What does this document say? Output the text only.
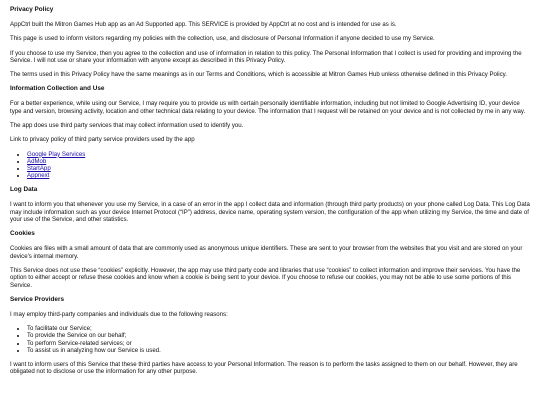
Privacy Policy

AppCtrl built the Mitron Games Hub app as an Ad Supported app. This SERVICE is provided by AppCtrl at no cost and is intended for use as is.

This page is used to inform visitors regarding my policies with the collection, use, and disclosure of Personal Information if anyone decided to use my Service.

If you choose to use my Service, then you agree to the collection and use of information in relation to this policy. The Personal Information that I collect is used for providing and improving the Service. I will not use or share your information with anyone except as described in this Privacy Policy.

The terms used in this Privacy Policy have the same meanings as in our Terms and Conditions, which is accessible at Mitron Games Hub unless otherwise defined in this Privacy Policy.

Information Collection and Use

For a better experience, while using our Service, I may require you to provide us with certain personally identifiable information, including but not limited to Google Advertising ID, your device type and version, browsing activity, location and other technical data relating to your device. The information that I request will be retained on your device and is not collected by me in any way.

The app does use third party services that may collect information used to identify you.

Link to privacy policy of third party service providers used by the app

• Google Play Services
• AdMob
• StartApp
• Appnext
Log Data

I want to inform you that whenever you use my Service, in a case of an error in the app I collect data and information (through third party products) on your phone called Log Data. This Log Data may include information such as your device Internet Protocol (“IP”) address, device name, operating system version, the configuration of the app when utilizing my Service, the time and date of your use of the Service, and other statistics.

Cookies

Cookies are files with a small amount of data that are commonly used as anonymous unique identifiers. These are sent to your browser from the websites that you visit and are stored on your device's internal memory.

This Service does not use these “cookies” explicitly. However, the app may use third party code and libraries that use “cookies” to collect information and improve their services. You have the option to either accept or refuse these cookies and know when a cookie is being sent to your device. If you choose to refuse our cookies, you may not be able to use some portions of this Service.

Service Providers

I may employ third-party companies and individuals due to the following reasons:

• To facilitate our Service;
• To provide the Service on our behalf;
• To perform Service-related services; or
• To assist us in analyzing how our Service is used.

I want to inform users of this Service that these third parties have access to your Personal Information. The reason is to perform the tasks assigned to them on our behalf. However, they are obligated not to disclose or use the information for any other purpose.
